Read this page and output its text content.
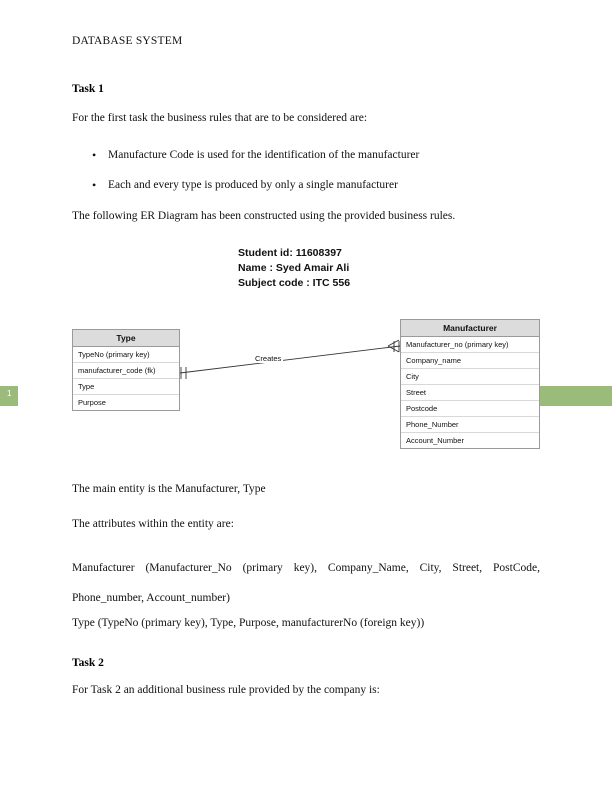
DATABASE SYSTEM
Task 1
For the first task the business rules that are to be considered are:
• Manufacture Code is used for the identification of the manufacturer
• Each and every type is produced by only a single manufacturer
The following ER Diagram has been constructed using the provided business rules.
Student id: 11608397
Name : Syed Amair Ali
Subject code : ITC 556
1
Type
TypeNo (primary key)
manufacturer_code (fk)
Type
Purpose
Manufacturer
Manufacturer_no (primary key)
Company_name
City
Street
Postcode
Phone_Number
Account_Number
Creates
The main entity is the Manufacturer, Type
The attributes within the entity are:
Manufacturer (Manufacturer_No (primary key), Company_Name, City, Street, PostCode, Phone_number, Account_number)
Type (TypeNo (primary key), Type, Purpose, manufacturerNo (foreign key))
Task 2
For Task 2 an additional business rule provided by the company is:
